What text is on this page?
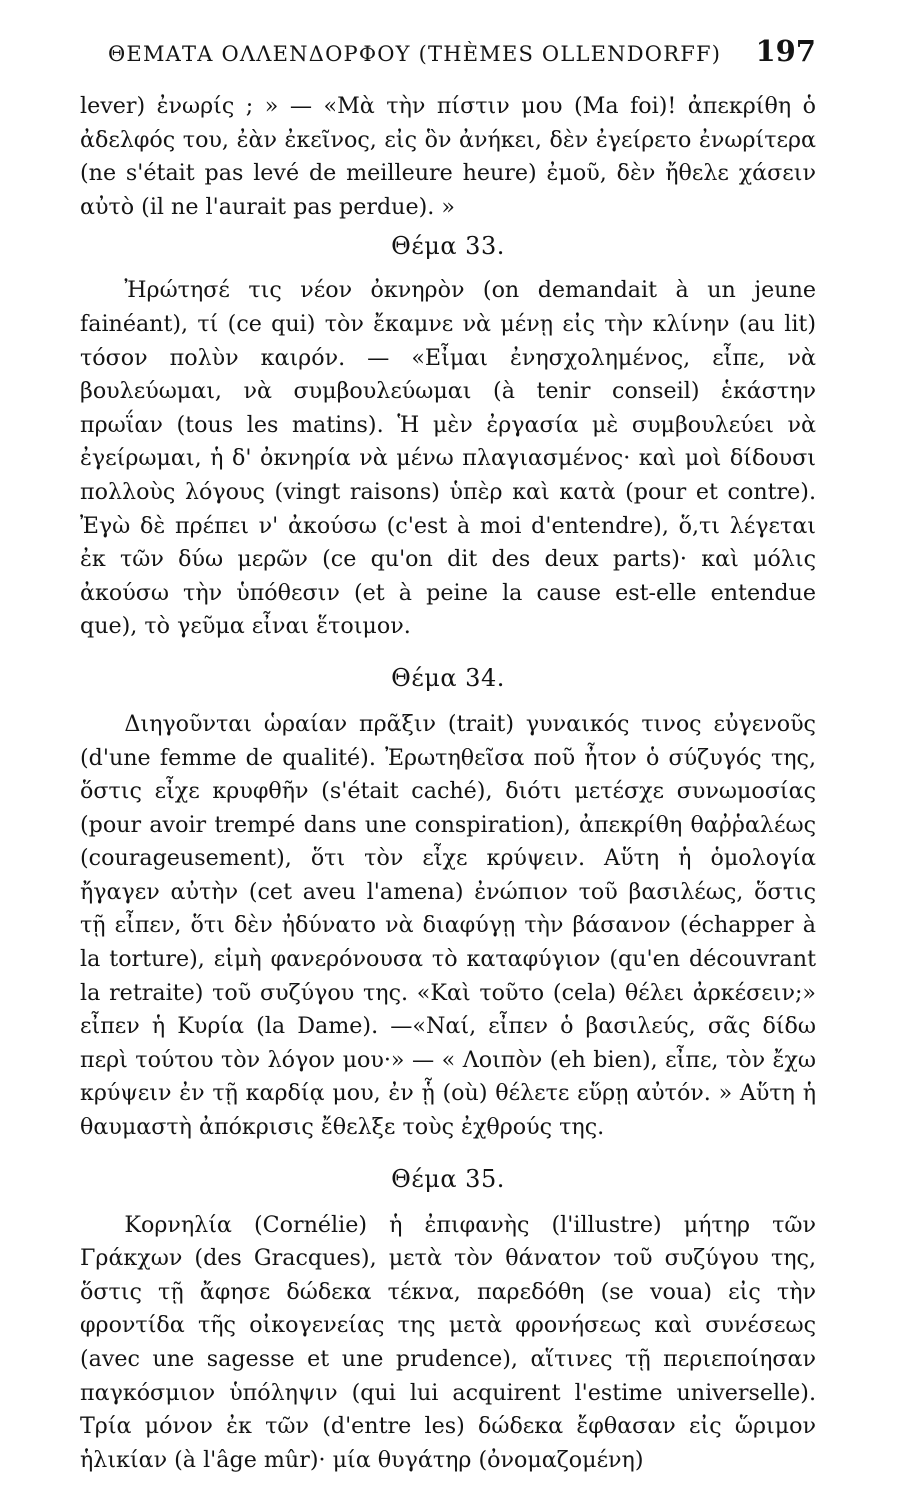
ΘΕΜΑΤΑ ΟΛΛΕΝΔΟΡΦΟΥ (THÈMES OLLENDORFF) 197

lever) ἐνωρίς ; » — «Μὰ τὴν πίστιν μου (Ma foi)! ἀπεκρίθη ὁ ἀδελφός του, ἐὰν ἐκεῖνος, εἰς ὃν ἀνήκει, δὲν ἐγείρετο ἐνωρίτερα (ne s'était pas levé de meilleure heure) ἐμοῦ, δὲν ἤθελε χάσειν αὐτὸ (il ne l'aurait pas perdue). »

Θέμα 33.

Ἠρώτησέ τις νέον ὀκνηρὸν (on demandait à un jeune fainéant), τί (ce qui) τὸν ἔκαμνε νὰ μένῃ εἰς τὴν κλίνην (au lit) τόσον πολὺν καιρόν. — «Εἶμαι ἐνησχολημένος, εἶπε, νὰ βουλεύωμαι, νὰ συμβουλεύωμαι (à tenir conseil) ἑκάστην πρωΐαν (tous les matins). Ἡ μὲν ἐργασία μὲ συμβουλεύει νὰ ἐγείρωμαι, ἡ δ' ὀκνηρία νὰ μένω πλαγιασμένος· καὶ μοὶ δίδουσι πολλοὺς λόγους (vingt raisons) ὑπὲρ καὶ κατὰ (pour et contre). Ἐγὼ δὲ πρέπει ν' ἀκούσω (c'est à moi d'entendre), ὅ,τι λέγεται ἐκ τῶν δύω μερῶν (ce qu'on dit des deux parts)· καὶ μόλις ἀκούσω τὴν ὑπόθεσιν (et à peine la cause est-elle entendue que), τὸ γεῦμα εἶναι ἕτοιμον.

Θέμα 34.

Διηγοῦνται ὡραίαν πρᾶξιν (trait) γυναικός τινος εὐγενοῦς (d'une femme de qualité). Ἐρωτηθεῖσα ποῦ ἦτον ὁ σύζυγός της, ὅστις εἶχε κρυφθῆν (s'était caché), διότι μετέσχε συνωμοσίας (pour avoir trempé dans une conspiration), ἀπεκρίθη θαῤῥαλέως (courageusement), ὅτι τὸν εἶχε κρύψειν. Αὕτη ἡ ὁμολογία ἤγαγεν αὐτὴν (cet aveu l'amena) ἐνώπιον τοῦ βασιλέως, ὅστις τῇ εἶπεν, ὅτι δὲν ἠδύνατο νὰ διαφύγῃ τὴν βάσανον (échapper à la torture), εἰμὴ φανερόνουσα τὸ καταφύγιον (qu'en découvrant la retraite) τοῦ συζύγου της. «Καὶ τοῦτο (cela) θέλει ἀρκέσειν;» εἶπεν ἡ Κυρία (la Dame). —«Ναί, εἶπεν ὁ βασιλεύς, σᾶς δίδω περὶ τούτου τὸν λόγον μου·» — « Λοιπὸν (eh bien), εἶπε, τὸν ἔχω κρύψειν ἐν τῇ καρδίᾳ μου, ἐν ᾗ (où) θέλετε εὕρῃ αὐτόν. » Αὕτη ἡ θαυμαστὴ ἀπόκρισις ἔθελξε τοὺς ἐχθρούς της.

Θέμα 35.

Κορνηλία (Cornélie) ἡ ἐπιφανὴς (l'illustre) μήτηρ τῶν Γράκχων (des Gracques), μετὰ τὸν θάνατον τοῦ συζύγου της, ὅστις τῇ ἄφησε δώδεκα τέκνα, παρεδόθη (se voua) εἰς τὴν φροντίδα τῆς οἰκογενείας της μετὰ φρονήσεως καὶ συνέσεως (avec une sagesse et une prudence), αἵτινες τῇ περιεποίησαν παγκόσμιον ὑπόληψιν (qui lui acquirent l'estime universelle). Τρία μόνον ἐκ τῶν (d'entre les) δώδεκα ἔφθασαν εἰς ὥριμον ἡλικίαν (à l'âge mûr)· μία θυγάτηρ (ὀνομαζομένη)
